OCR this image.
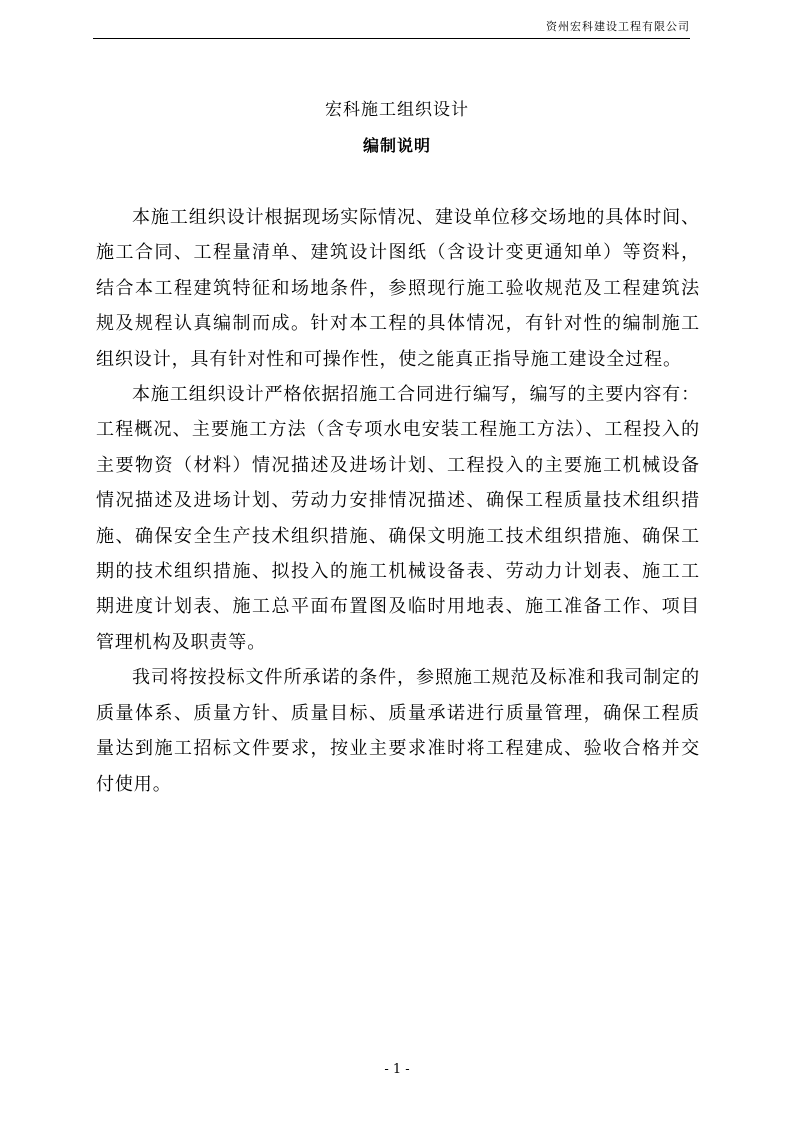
资州宏科建设工程有限公司
宏科施工组织设计
编制说明

本施工组织设计根据现场实际情况、建设单位移交场地的具体时间、施工合同、工程量清单、建筑设计图纸（含设计变更通知单）等资料，结合本工程建筑特征和场地条件，参照现行施工验收规范及工程建筑法规及规程认真编制而成。针对本工程的具体情况，有针对性的编制施工组织设计，具有针对性和可操作性，使之能真正指导施工建设全过程。

本施工组织设计严格依据招施工合同进行编写，编写的主要内容有：工程概况、主要施工方法（含专项水电安装工程施工方法）、工程投入的主要物资（材料）情况描述及进场计划、工程投入的主要施工机械设备情况描述及进场计划、劳动力安排情况描述、确保工程质量技术组织措施、确保安全生产技术组织措施、确保文明施工技术组织措施、确保工期的技术组织措施、拟投入的施工机械设备表、劳动力计划表、施工工期进度计划表、施工总平面布置图及临时用地表、施工准备工作、项目管理机构及职责等。

我司将按投标文件所承诺的条件，参照施工规范及标准和我司制定的质量体系、质量方针、质量目标、质量承诺进行质量管理，确保工程质量达到施工招标文件要求，按业主要求准时将工程建成、验收合格并交付使用。

- 1 -
